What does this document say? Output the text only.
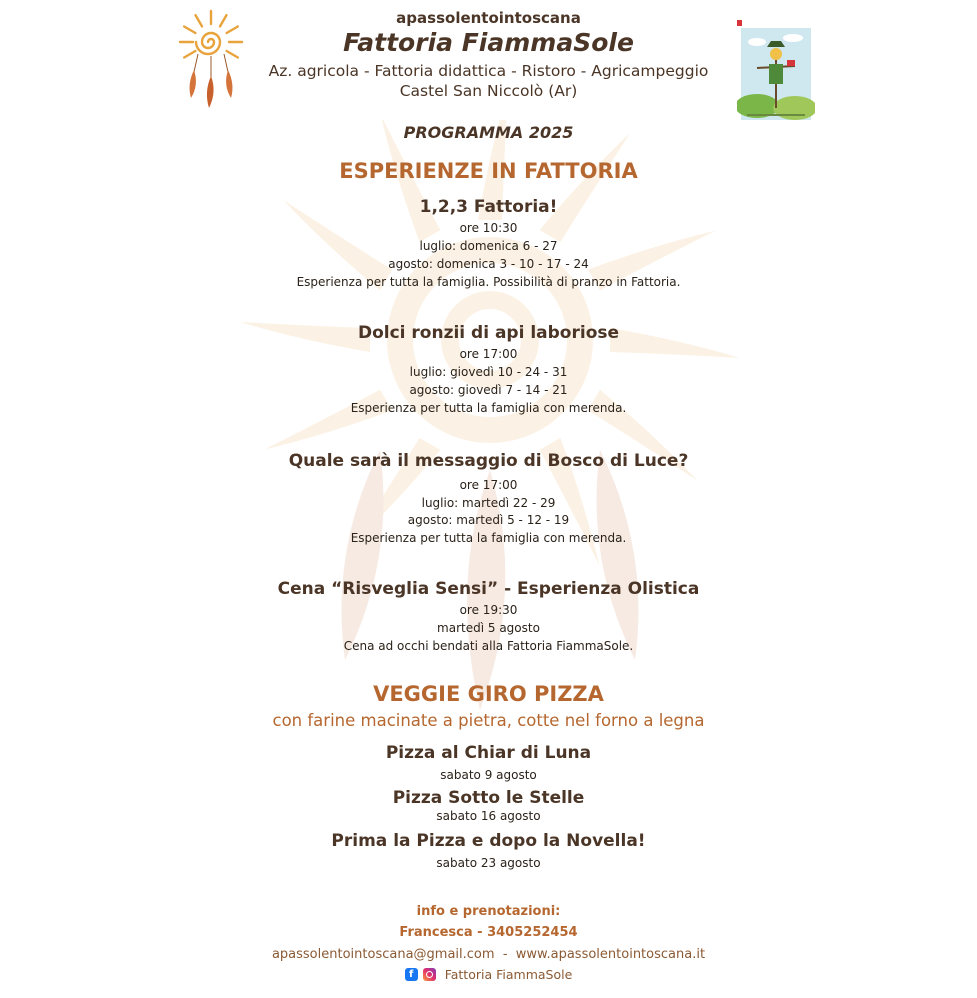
apassolentointoscana
Fattoria FiammaSole
Az. agricola - Fattoria didattica - Ristoro - Agricampeggio
Castel San Niccolò (Ar)
PROGRAMMA 2025
ESPERIENZE IN FATTORIA
1,2,3 Fattoria!
ore 10:30
luglio: domenica 6 - 27
agosto: domenica 3 - 10 - 17 - 24
Esperienza per tutta la famiglia. Possibilità di pranzo in Fattoria.
Dolci ronzii di api laboriose
ore 17:00
luglio: giovedì 10 - 24 - 31
agosto: giovedì 7 - 14 - 21
Esperienza per tutta la famiglia con merenda.
Quale sarà il messaggio di Bosco di Luce?
ore 17:00
luglio: martedì 22 - 29
agosto: martedì 5 - 12 - 19
Esperienza per tutta la famiglia con merenda.
Cena “Risveglia Sensi” - Esperienza Olistica
ore 19:30
martedì 5 agosto
Cena ad occhi bendati alla Fattoria FiammaSole.
VEGGIE GIRO PIZZA
con farine macinate a pietra, cotte nel forno a legna
Pizza al Chiar di Luna
sabato 9 agosto
Pizza Sotto le Stelle
sabato 16 agosto
Prima la Pizza e dopo la Novella!
sabato 23 agosto
info e prenotazioni:
Francesca - 3405252454
apassolentointoscana@gmail.com - www.apassolentointoscana.it
f	Fattoria FiammaSole
